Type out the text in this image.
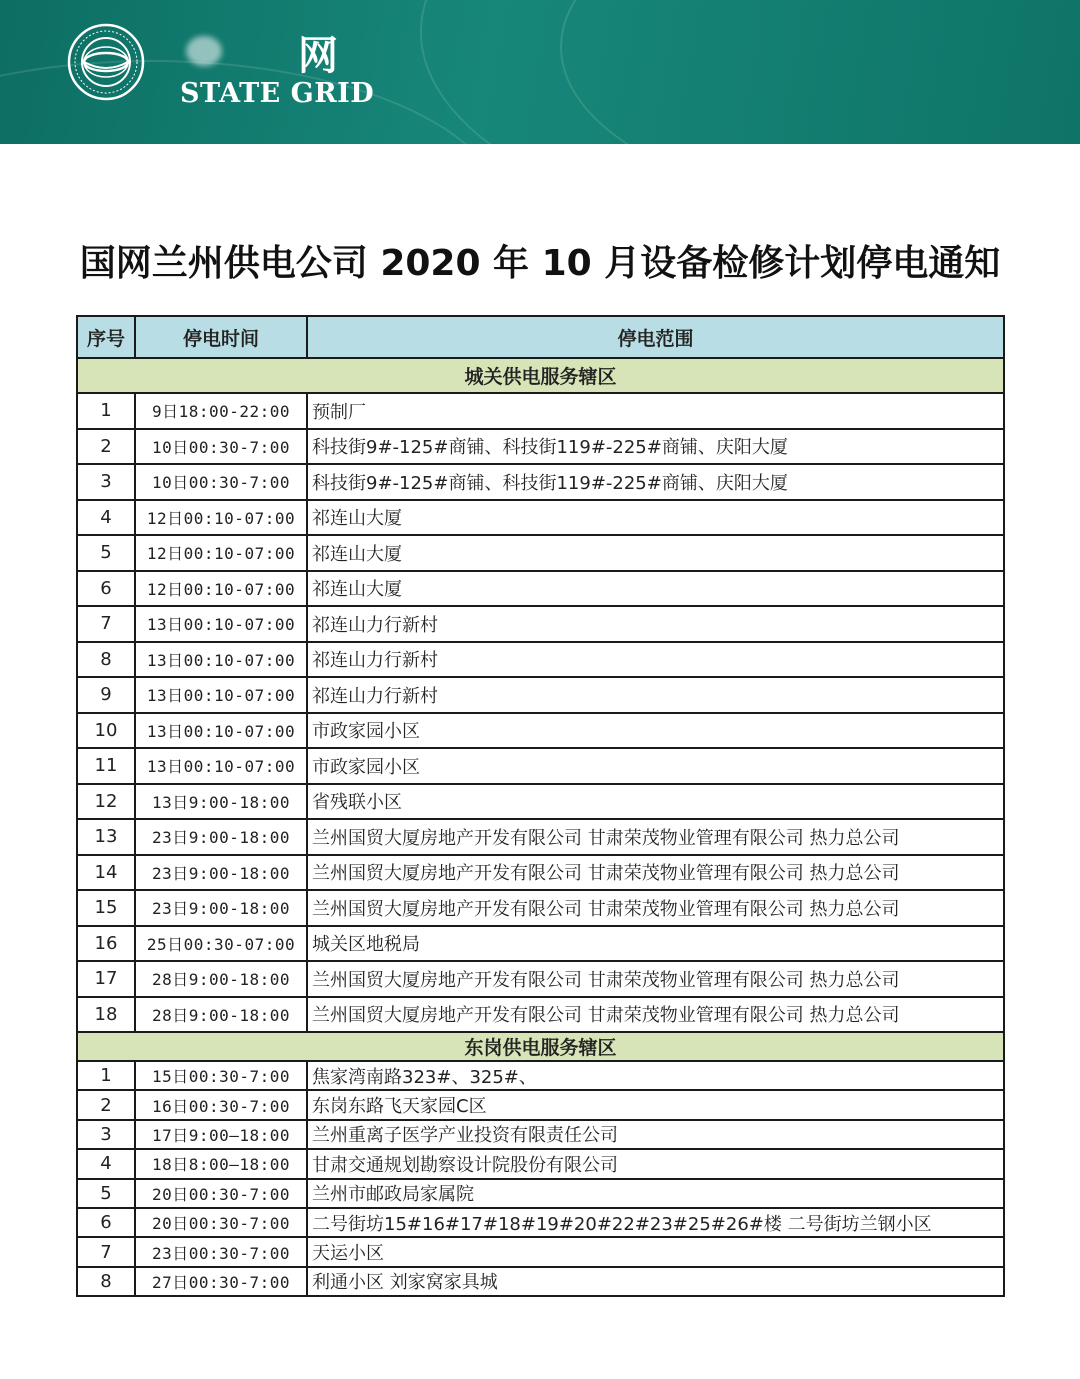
网
STATE GRID
国网兰州供电公司 2020 年 10 月设备检修计划停电通知
序号	停电时间	停电范围
城关供电服务辖区		
1	9日18:00-22:00	预制厂
2	10日00:30-7:00	科技街9#-125#商铺、科技街119#-225#商铺、庆阳大厦
3	10日00:30-7:00	科技街9#-125#商铺、科技街119#-225#商铺、庆阳大厦
4	12日00:10-07:00	祁连山大厦
5	12日00:10-07:00	祁连山大厦
6	12日00:10-07:00	祁连山大厦
7	13日00:10-07:00	祁连山力行新村
8	13日00:10-07:00	祁连山力行新村
9	13日00:10-07:00	祁连山力行新村
10	13日00:10-07:00	市政家园小区
11	13日00:10-07:00	市政家园小区
12	13日9:00-18:00	省残联小区
13	23日9:00-18:00	兰州国贸大厦房地产开发有限公司 甘肃荣茂物业管理有限公司 热力总公司
14	23日9:00-18:00	兰州国贸大厦房地产开发有限公司 甘肃荣茂物业管理有限公司 热力总公司
15	23日9:00-18:00	兰州国贸大厦房地产开发有限公司 甘肃荣茂物业管理有限公司 热力总公司
16	25日00:30-07:00	城关区地税局
17	28日9:00-18:00	兰州国贸大厦房地产开发有限公司 甘肃荣茂物业管理有限公司 热力总公司
18	28日9:00-18:00	兰州国贸大厦房地产开发有限公司 甘肃荣茂物业管理有限公司 热力总公司
东岗供电服务辖区		
1	15日00:30-7:00	焦家湾南路323#、325#、
2	16日00:30-7:00	东岗东路飞天家园C区
3	17日9:00—18:00	兰州重离子医学产业投资有限责任公司
4	18日8:00—18:00	甘肃交通规划勘察设计院股份有限公司
5	20日00:30-7:00	兰州市邮政局家属院
6	20日00:30-7:00	二号街坊15#16#17#18#19#20#22#23#25#26#楼 二号街坊兰钢小区
7	23日00:30-7:00	天运小区
8	27日00:30-7:00	利通小区 刘家窝家具城
